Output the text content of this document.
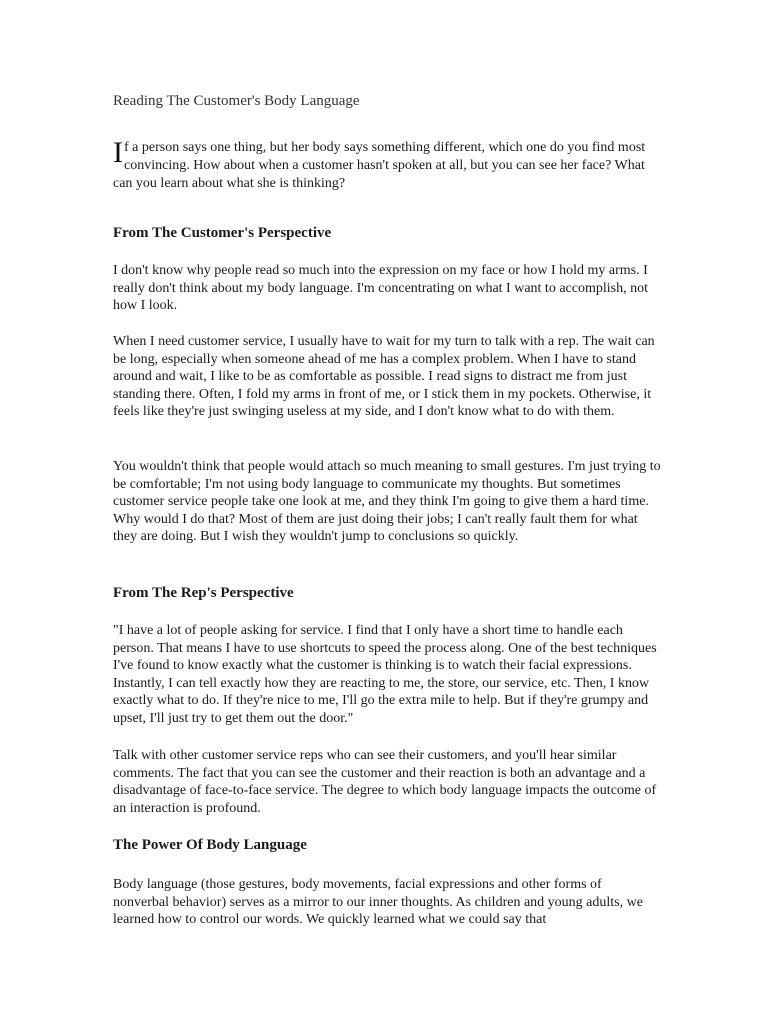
Reading The Customer's Body Language

If a person says one thing, but her body says something different, which one do you find most convincing. How about when a customer hasn't spoken at all, but you can see her face? What can you learn about what she is thinking?

From The Customer's Perspective

I don't know why people read so much into the expression on my face or how I hold my arms. I really don't think about my body language. I'm concentrating on what I want to accomplish, not how I look.

When I need customer service, I usually have to wait for my turn to talk with a rep. The wait can be long, especially when someone ahead of me has a complex problem. When I have to stand around and wait, I like to be as comfortable as possible. I read signs to distract me from just standing there. Often, I fold my arms in front of me, or I stick them in my pockets. Otherwise, it feels like they're just swinging useless at my side, and I don't know what to do with them.

You wouldn't think that people would attach so much meaning to small gestures. I'm just trying to be comfortable; I'm not using body language to communicate my thoughts. But sometimes customer service people take one look at me, and they think I'm going to give them a hard time. Why would I do that? Most of them are just doing their jobs; I can't really fault them for what they are doing. But I wish they wouldn't jump to conclusions so quickly.

From The Rep's Perspective

"I have a lot of people asking for service. I find that I only have a short time to handle each person. That means I have to use shortcuts to speed the process along. One of the best techniques I've found to know exactly what the customer is thinking is to watch their facial expressions. Instantly, I can tell exactly how they are reacting to me, the store, our service, etc. Then, I know exactly what to do. If they're nice to me, I'll go the extra mile to help. But if they're grumpy and upset, I'll just try to get them out the door."

Talk with other customer service reps who can see their customers, and you'll hear similar comments. The fact that you can see the customer and their reaction is both an advantage and a disadvantage of face-to-face service. The degree to which body language impacts the outcome of an interaction is profound.

The Power Of Body Language

Body language (those gestures, body movements, facial expressions and other forms of nonverbal behavior) serves as a mirror to our inner thoughts. As children and young adults, we learned how to control our words. We quickly learned what we could say that
